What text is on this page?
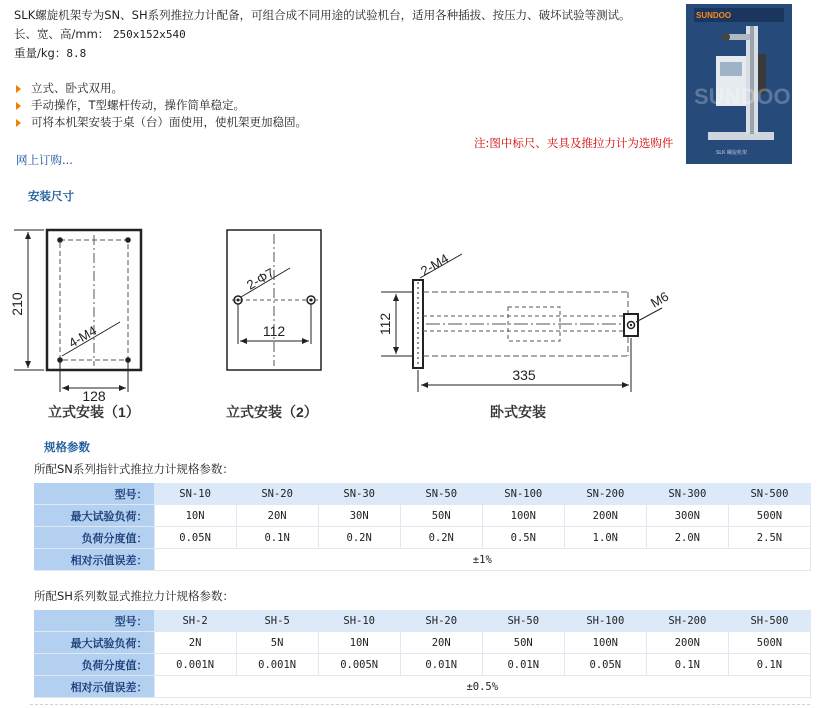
SLK螺旋机架专为SN、SH系列推拉力计配备，可组合成不同用途的试验机台，适用各种插拔、按压力、破坏试验等测试。
长、宽、高/mm： 250x152x540
重量/kg：8.8
立式、卧式双用。
手动操作，T型螺杆传动，操作简单稳定。
可将本机架安装于桌（台）面使用，使机架更加稳固。
注:图中标尺、夹具及推拉力计为选购件
网上订购...
SUNDOO
SUNDOO
SLK 螺旋机架
安装尺寸
210
128
4-M4
立式安装（1）
2-Φ7
112
立式安装（2）
M6
2-M4
112
335
卧式安装
规格参数
所配SN系列指针式推拉力计规格参数：
型号：	SN-10	SN-20	SN-30	SN-50	SN-100	SN-200	SN-300	SN-500
最大试验负荷：	10N	20N	30N	50N	100N	200N	300N	500N
负荷分度值：	0.05N	0.1N	0.2N	0.2N	0.5N	1.0N	2.0N	2.5N
相对示值误差：	±1%							
所配SH系列数显式推拉力计规格参数：
型号：	SH-2	SH-5	SH-10	SH-20	SH-50	SH-100	SH-200	SH-500
最大试验负荷：	2N	5N	10N	20N	50N	100N	200N	500N
负荷分度值：	0.001N	0.001N	0.005N	0.01N	0.01N	0.05N	0.1N	0.1N
相对示值误差：	±0.5%							
